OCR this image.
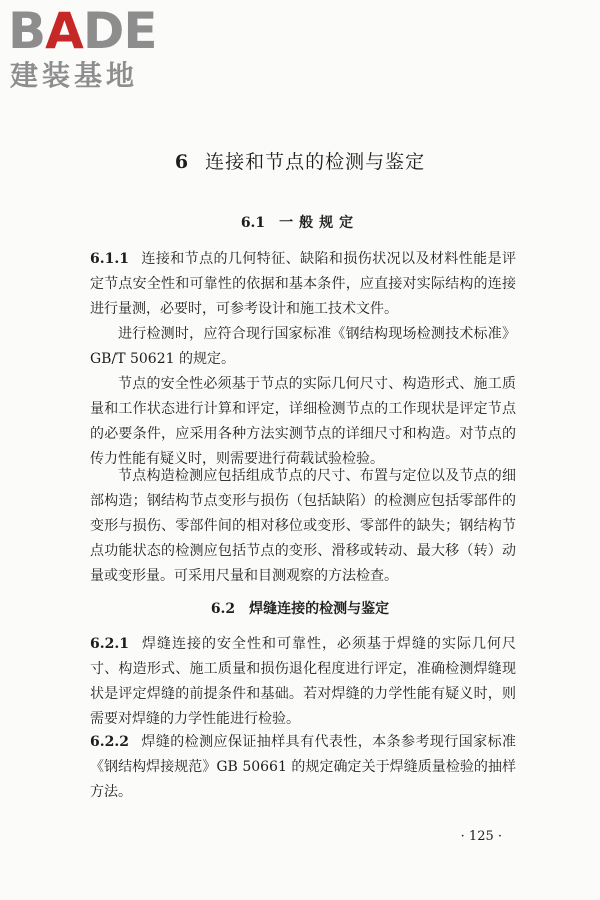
BADE
建装基地
6 连接和节点的检测与鉴定
6.1 一般规定

6.1.1 连接和节点的几何特征、缺陷和损伤状况以及材料性能是评定节点安全性和可靠性的依据和基本条件，应直接对实际结构的连接进行量测，必要时，可参考设计和施工技术文件。

进行检测时，应符合现行国家标准《钢结构现场检测技术标准》GB/T 50621 的规定。

节点的安全性必须基于节点的实际几何尺寸、构造形式、施工质量和工作状态进行计算和评定，详细检测节点的工作现状是评定节点的必要条件，应采用各种方法实测节点的详细尺寸和构造。对节点的传力性能有疑义时，则需要进行荷载试验检验。

节点构造检测应包括组成节点的尺寸、布置与定位以及节点的细部构造；钢结构节点变形与损伤（包括缺陷）的检测应包括零部件的变形与损伤、零部件间的相对移位或变形、零部件的缺失；钢结构节点功能状态的检测应包括节点的变形、滑移或转动、最大移（转）动量或变形量。可采用尺量和目测观察的方法检查。

6.2 焊缝连接的检测与鉴定

6.2.1 焊缝连接的安全性和可靠性，必须基于焊缝的实际几何尺寸、构造形式、施工质量和损伤退化程度进行评定，准确检测焊缝现状是评定焊缝的前提条件和基础。若对焊缝的力学性能有疑义时，则需要对焊缝的力学性能进行检验。

6.2.2 焊缝的检测应保证抽样具有代表性，本条参考现行国家标准《钢结构焊接规范》GB 50661 的规定确定关于焊缝质量检验的抽样方法。

· 125 ·
